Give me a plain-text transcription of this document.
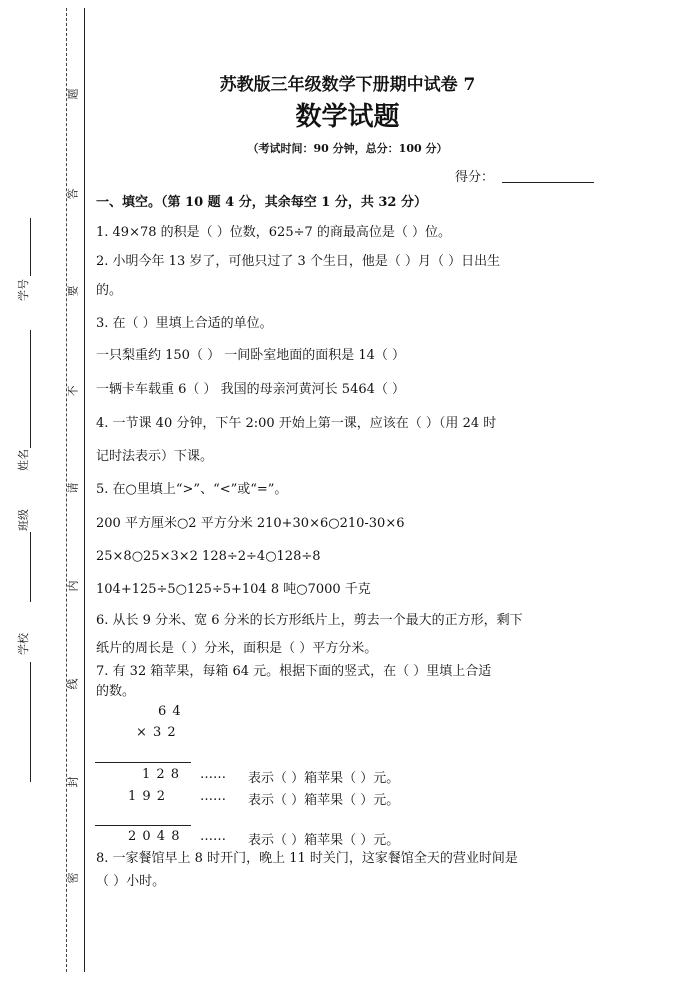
题
答
要
不
请
内
线
封
密
学号
姓名
班级
学校
苏教版三年级数学下册期中试卷 7
数学试题
（考试时间：90 分钟，总分：100 分）
得分：
一、填空。（第 10 题 4 分，其余每空 1 分，共 32 分）
1. 49×78 的积是（ ）位数，625÷7 的商最高位是（ ）位。
2. 小明今年 13 岁了，可他只过了 3 个生日，他是（ ）月（ ）日出生
的。
3. 在（ ）里填上合适的单位。
一只梨重约 150（ ） 一间卧室地面的面积是 14（ ）
一辆卡车载重 6（ ） 我国的母亲河黄河长 5464（ ）
4. 一节课 40 分钟，下午 2:00 开始上第一课，应该在（ ）（用 24 时
记时法表示）下课。
5. 在○里填上“>”、“<”或“=”。
200 平方厘米○2 平方分米 210+30×6○210-30×6
25×8○25×3×2 128÷2÷4○128÷8
104+125÷5○125÷5+104 8 吨○7000 千克
6. 从长 9 分米、宽 6 分米的长方形纸片上，剪去一个最大的正方形，剩下
纸片的周长是（ ）分米，面积是（ ）平方分米。
7. 有 32 箱苹果，每箱 64 元。根据下面的竖式，在（ ）里填上合适
的数。
6 4
× 3 2
1 2 8 …… 表示（ ）箱苹果（ ）元。
1 9 2	…… 表示（ ）箱苹果（ ）元。
2 0 4 8 …… 表示（ ）箱苹果（ ）元。
8. 一家餐馆早上 8 时开门，晚上 11 时关门，这家餐馆全天的营业时间是
（ ）小时。
